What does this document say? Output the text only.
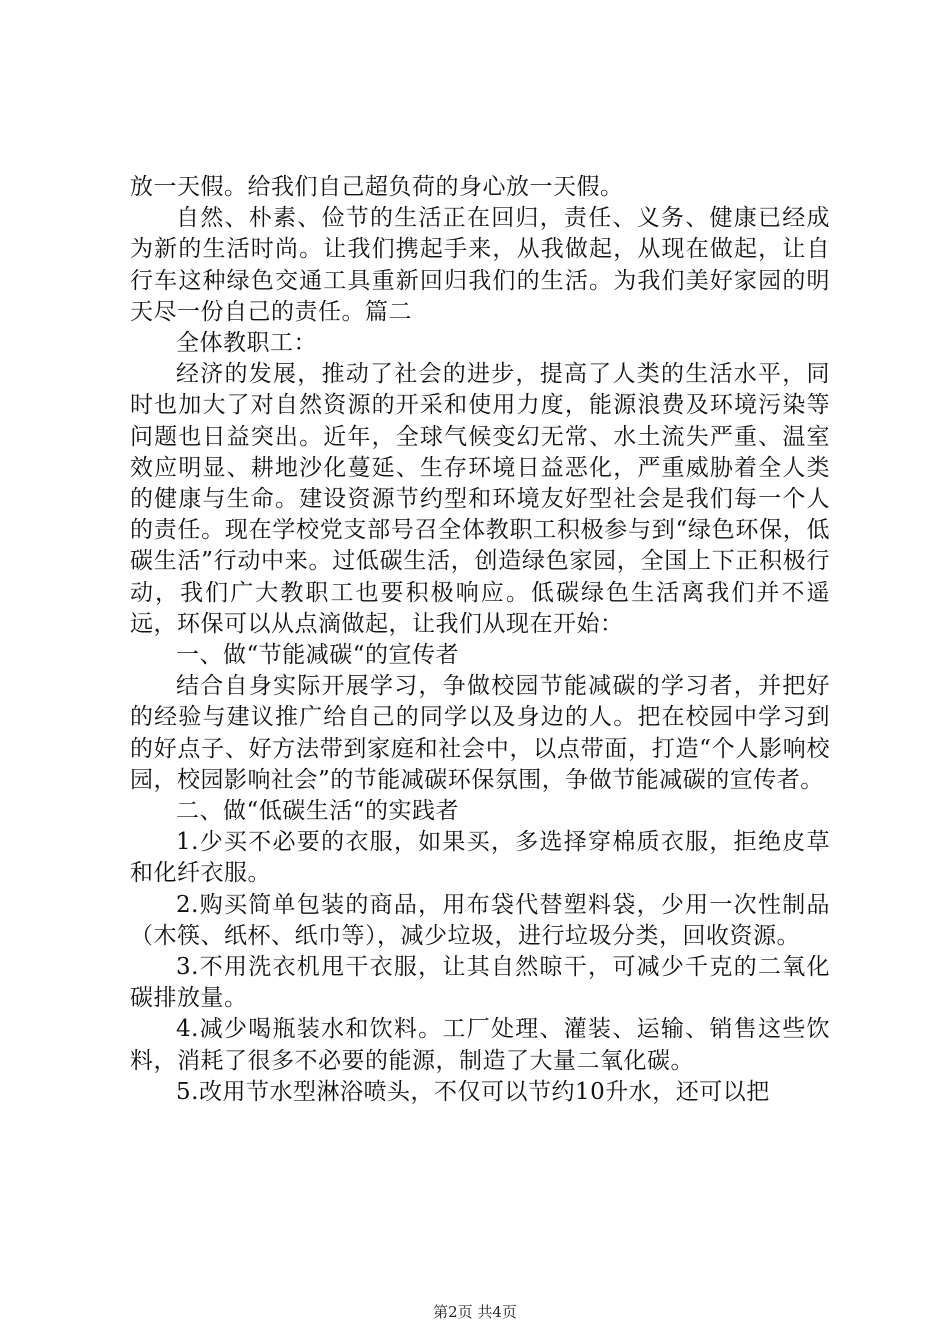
放一天假。给我们自己超负荷的身心放一天假。

自然、朴素、俭节的生活正在回归，责任、义务、健康已经成为新的生活时尚。让我们携起手来，从我做起，从现在做起，让自行车这种绿色交通工具重新回归我们的生活。为我们美好家园的明天尽一份自己的责任。篇二

全体教职工：

经济的发展，推动了社会的进步，提高了人类的生活水平，同时也加大了对自然资源的开采和使用力度，能源浪费及环境污染等问题也日益突出。近年，全球气候变幻无常、水土流失严重、温室效应明显、耕地沙化蔓延、生存环境日益恶化，严重威胁着全人类的健康与生命。建设资源节约型和环境友好型社会是我们每一个人的责任。现在学校党支部号召全体教职工积极参与到“绿色环保，低碳生活”行动中来。过低碳生活，创造绿色家园，全国上下正积极行动，我们广大教职工也要积极响应。低碳绿色生活离我们并不遥远，环保可以从点滴做起，让我们从现在开始：

一、做“节能减碳“的宣传者

结合自身实际开展学习，争做校园节能减碳的学习者，并把好的经验与建议推广给自己的同学以及身边的人。把在校园中学习到的好点子、好方法带到家庭和社会中，以点带面，打造“个人影响校园，校园影响社会”的节能减碳环保氛围，争做节能减碳的宣传者。

二、做“低碳生活“的实践者

1.少买不必要的衣服，如果买，多选择穿棉质衣服，拒绝皮草和化纤衣服。

2.购买简单包装的商品，用布袋代替塑料袋，少用一次性制品（木筷、纸杯、纸巾等），减少垃圾，进行垃圾分类，回收资源。

3.不用洗衣机甩干衣服，让其自然晾干，可减少千克的二氧化碳排放量。

4.减少喝瓶装水和饮料。工厂处理、灌装、运输、销售这些饮料，消耗了很多不必要的能源，制造了大量二氧化碳。

5.改用节水型淋浴喷头，不仅可以节约10升水，还可以把

第2页 共4页
